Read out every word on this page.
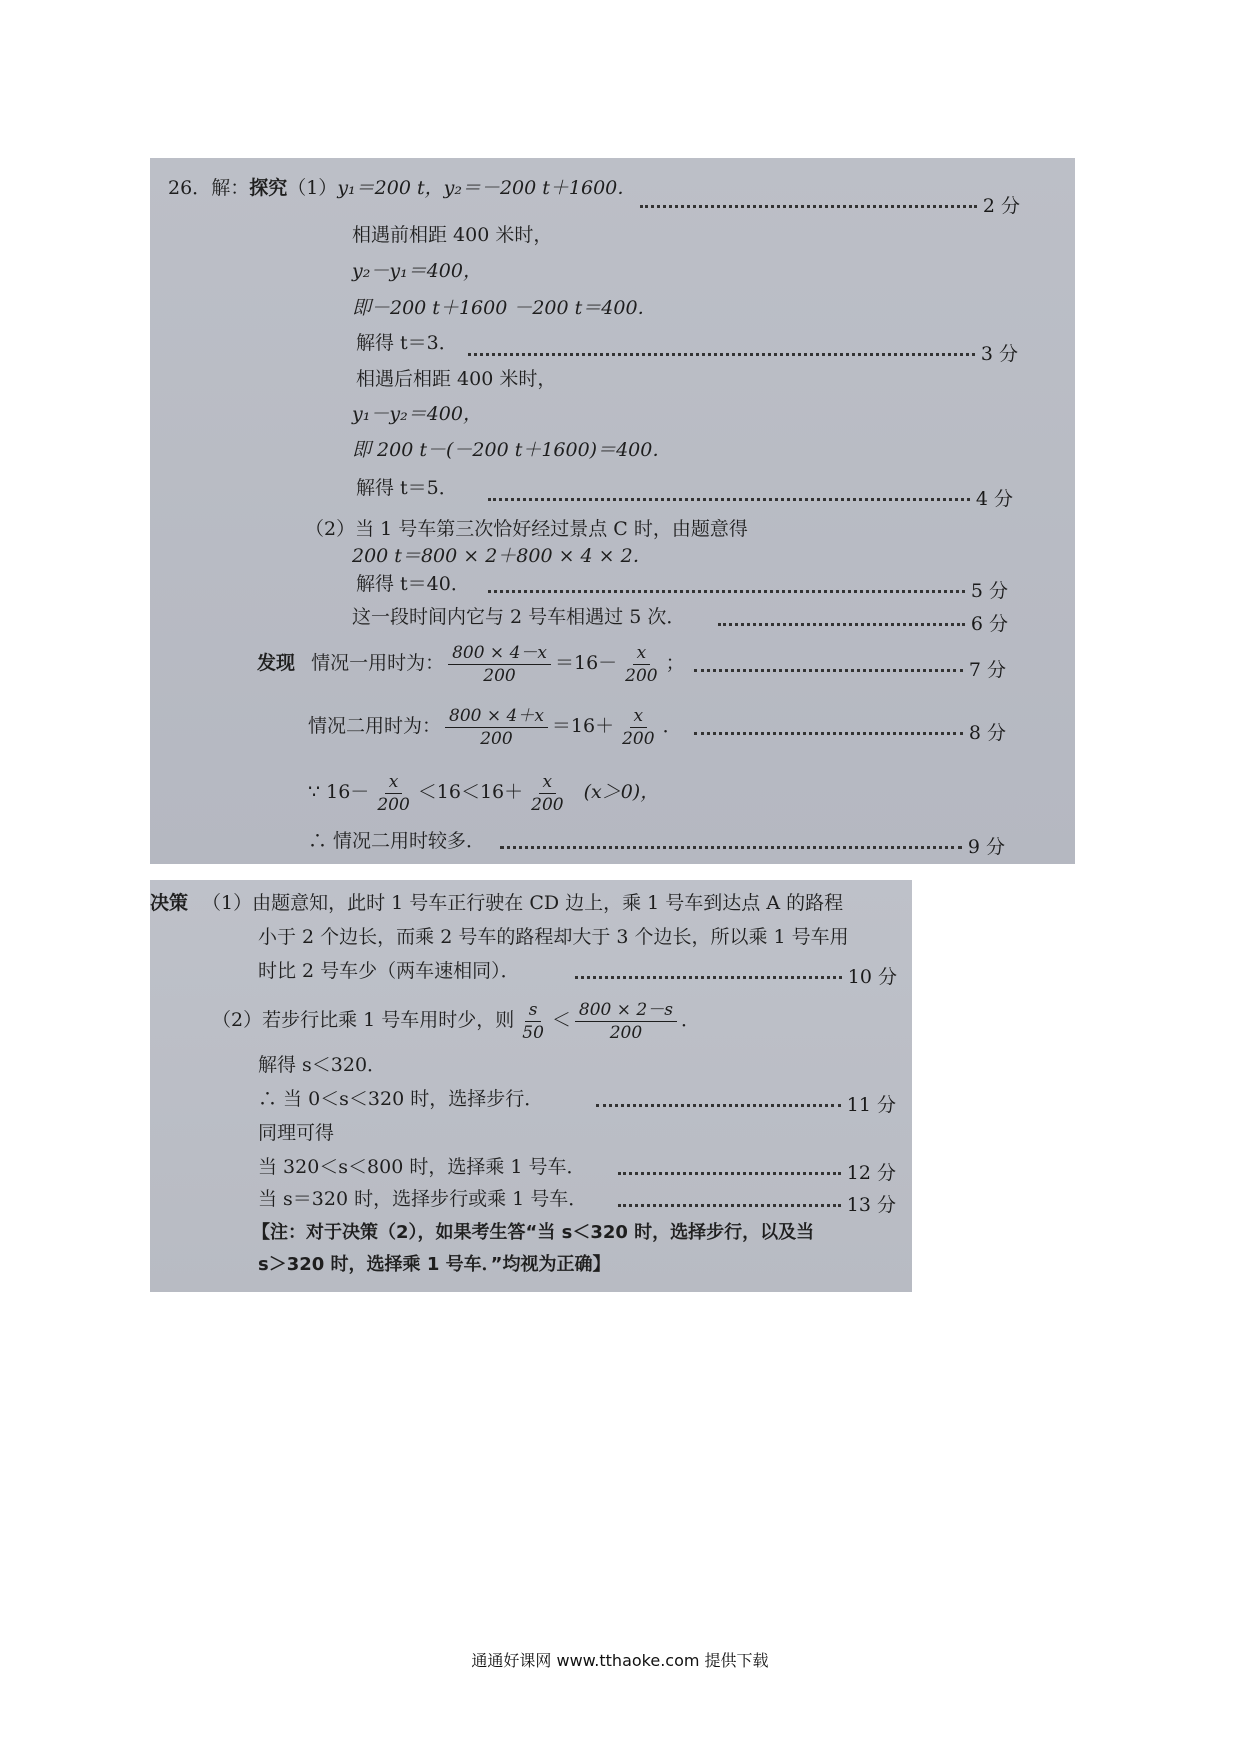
26．解：探究（1）y₁＝200 t，y₂＝－200 t＋1600．
2 分
相遇前相距 400 米时，
y₂－y₁＝400，
即－200 t＋1600 －200 t＝400．
解得 t＝3．	3 分
相遇后相距 400 米时，
y₁－y₂＝400，
即 200 t－(－200 t＋1600)＝400．
解得 t＝5．	4 分
（2）当 1 号车第三次恰好经过景点 C 时，由题意得
200 t＝800 × 2＋800 × 4 × 2．
解得 t＝40．	5 分
这一段时间内它与 2 号车相遇过 5 次．	6 分
发现 情况一用时为： $\frac{800 \times 4-x}{200} =16- \frac{x}{200}$ ；	7 分
情况二用时为： $\frac{800 \times 4+x}{200} =16+ \frac{x}{200}$ ．	8 分
∵ $16- \frac{x}{200} <16<16+ \frac{x}{200} (x>0)$，
∴ 情况二用时较多．	9 分
决策 （1）由题意知，此时 1 号车正行驶在 CD 边上，乘 1 号车到达点 A 的路程
小于 2 个边长，而乘 2 号车的路程却大于 3 个边长，所以乘 1 号车用
时比 2 号车少（两车速相同）．	10 分
（2）若步行比乘 1 号车用时少，则 $\frac{s}{50} < \frac{800 \times 2-s}{200}$ ．
解得 s＜320．
∴ 当 0＜s＜320 时，选择步行．	11 分
同理可得
当 320＜s＜800 时，选择乘 1 号车．	12 分
当 s＝320 时，选择步行或乘 1 号车．	13 分
【注：对于决策（2），如果考生答“当 s＜320 时，选择步行，以及当
s＞320 时，选择乘 1 号车．”均视为正确】
通通好课网 www.tthaoke.com 提供下载
